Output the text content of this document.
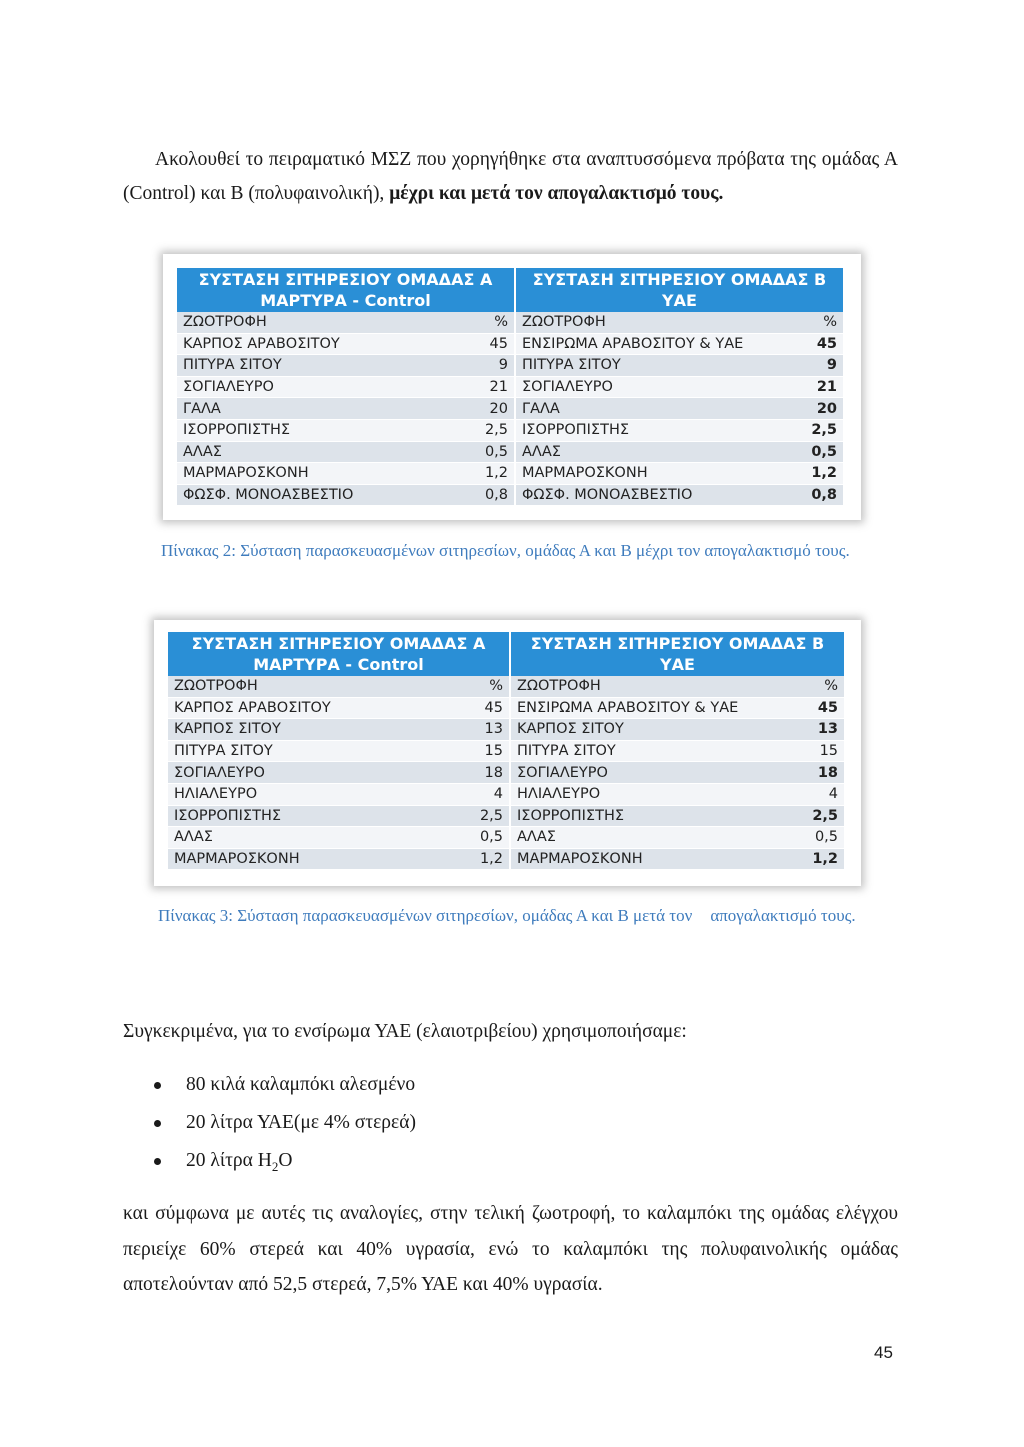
Ακολουθεί το πειραματικό ΜΣΖ που χορηγήθηκε στα αναπτυσσόμενα πρόβατα της ομάδας Α (Control) και Β (πολυφαινολική), μέχρι και μετά τον απογαλακτισμό τους.

ΣΥΣΤΑΣΗ ΣΙΤΗΡΕΣΙΟΥ ΟΜΑΔΑΣ Α ΜΑΡΤΥΡΑ - Control		ΣΥΣΤΑΣΗ ΣΙΤΗΡΕΣΙΟΥ ΟΜΑΔΑΣ Β ΥΑΕ	
ΖΩΟΤΡΟΦΗ	%	ΖΩΟΤΡΟΦΗ	%
ΚΑΡΠΟΣ ΑΡΑΒΟΣΙΤΟΥ	45	ΕΝΣΙΡΩΜΑ ΑΡΑΒΟΣΙΤΟΥ & ΥΑΕ	45
ΠΙΤΥΡΑ ΣΙΤΟΥ	9	ΠΙΤΥΡΑ ΣΙΤΟΥ	9
ΣΟΓΙΑΛΕΥΡΟ	21	ΣΟΓΙΑΛΕΥΡΟ	21
ΓΑΛΑ	20	ΓΑΛΑ	20
ΙΣΟΡΡΟΠΙΣΤΗΣ	2,5	ΙΣΟΡΡΟΠΙΣΤΗΣ	2,5
ΑΛΑΣ	0,5	ΑΛΑΣ	0,5
ΜΑΡΜΑΡΟΣΚΟΝΗ	1,2	ΜΑΡΜΑΡΟΣΚΟΝΗ	1,2
ΦΩΣΦ. ΜΟΝΟΑΣΒΕΣΤΙΟ	0,8	ΦΩΣΦ. ΜΟΝΟΑΣΒΕΣΤΙΟ	0,8

Πίνακας 2: Σύσταση παρασκευασμένων σιτηρεσίων, ομάδας Α και Β μέχρι τον απογαλακτισμό τους.

ΣΥΣΤΑΣΗ ΣΙΤΗΡΕΣΙΟΥ ΟΜΑΔΑΣ Α ΜΑΡΤΥΡΑ - Control		ΣΥΣΤΑΣΗ ΣΙΤΗΡΕΣΙΟΥ ΟΜΑΔΑΣ Β ΥΑΕ	
ΖΩΟΤΡΟΦΗ	%	ΖΩΟΤΡΟΦΗ	%
ΚΑΡΠΟΣ ΑΡΑΒΟΣΙΤΟΥ	45	ΕΝΣΙΡΩΜΑ ΑΡΑΒΟΣΙΤΟΥ & ΥΑΕ	45
ΚΑΡΠΟΣ ΣΙΤΟΥ	13	ΚΑΡΠΟΣ ΣΙΤΟΥ	13
ΠΙΤΥΡΑ ΣΙΤΟΥ	15	ΠΙΤΥΡΑ ΣΙΤΟΥ	15
ΣΟΓΙΑΛΕΥΡΟ	18	ΣΟΓΙΑΛΕΥΡΟ	18
ΗΛΙΑΛΕΥΡΟ	4	ΗΛΙΑΛΕΥΡΟ	4
ΙΣΟΡΡΟΠΙΣΤΗΣ	2,5	ΙΣΟΡΡΟΠΙΣΤΗΣ	2,5
ΑΛΑΣ	0,5	ΑΛΑΣ	0,5
ΜΑΡΜΑΡΟΣΚΟΝΗ	1,2	ΜΑΡΜΑΡΟΣΚΟΝΗ	1,2

Πίνακας 3: Σύσταση παρασκευασμένων σιτηρεσίων, ομάδας Α και Β μετά τον απογαλακτισμό τους.

Συγκεκριμένα, για το ενσίρωμα ΥΑΕ (ελαιοτριβείου) χρησιμοποιήσαμε:

80 κιλά καλαμπόκι αλεσμένο
20 λίτρα ΥΑΕ(με 4% στερεά)
20 λίτρα $H_2O$

και σύμφωνα με αυτές τις αναλογίες, στην τελική ζωοτροφή, το καλαμπόκι της ομάδας ελέγχου περιείχε 60% στερεά και 40% υγρασία, ενώ το καλαμπόκι της πολυφαινολικής ομάδας αποτελούνταν από 52,5 στερεά, 7,5% ΥΑΕ και 40% υγρασία.

45
